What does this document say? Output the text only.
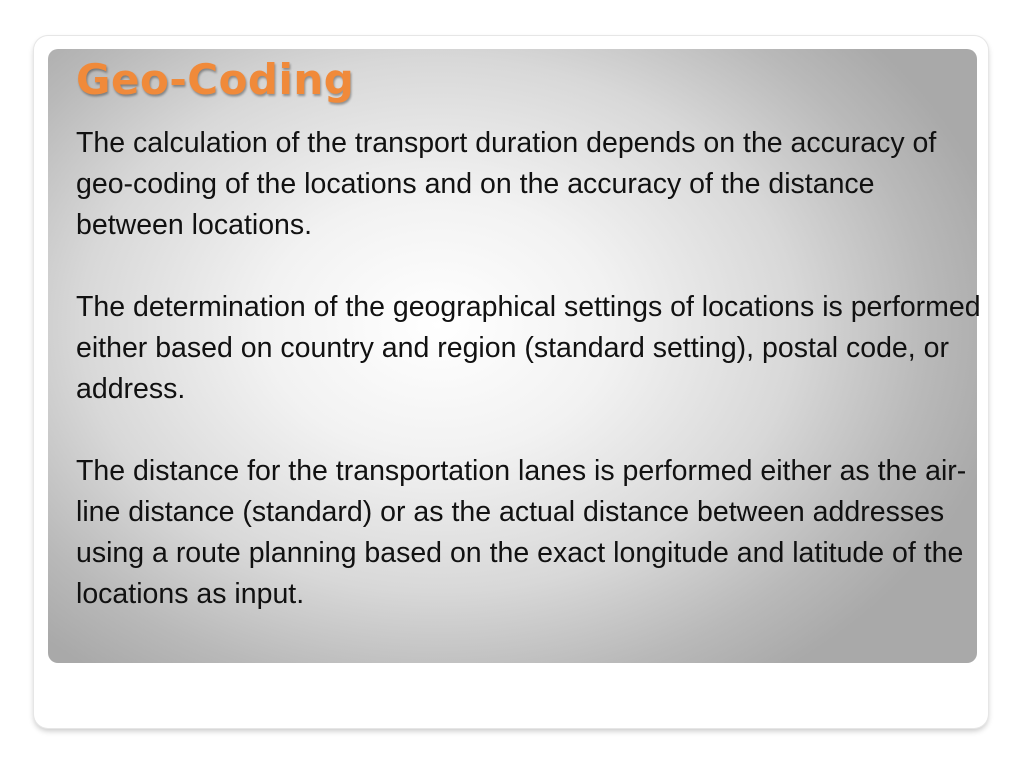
Geo-Coding

The calculation of the transport duration depends on the accuracy of geo-coding of the locations and on the accuracy of the distance between locations.

The determination of the geographical settings of locations is performed either based on country and region (standard setting), postal code, or address.

The distance for the transportation lanes is performed either as the air-line distance (standard) or as the actual distance between addresses using a route planning based on the exact longitude and latitude of the locations as input.
